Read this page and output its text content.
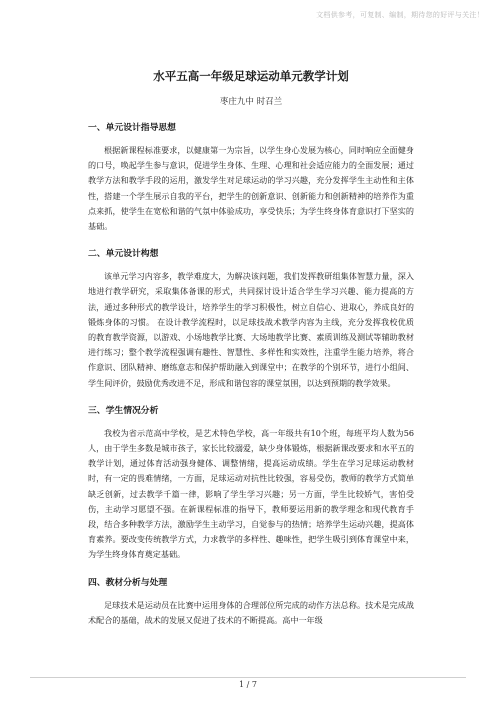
文档供参考，可复制、编制，期待您的好评与关注！
水平五高一年级足球运动单元教学计划
枣庄九中 时召兰
一、单元设计指导思想

根据新课程标准要求，以健康第一为宗旨，以学生身心发展为核心，同时响应全面健身的口号，唤起学生参与意识，促进学生身体、生理、心理和社会适应能力的全面发展；通过教学方法和教学手段的运用，激发学生对足球运动的学习兴趣，充分发挥学生主动性和主体性，搭建一个学生展示自我的平台，把学生的创新意识、创新能力和创新精神的培养作为重点来抓，使学生在宽松和谐的气氛中体验成功，享受快乐；为学生终身体育意识打下坚实的基础。

二、单元设计构想

该单元学习内容多，教学难度大，为解决该问题，我们发挥教研组集体智慧力量，深入地进行教学研究，采取集体备课的形式，共同探讨设计适合学生学习兴趣、能力提高的方法，通过多种形式的教学设计，培养学生的学习积极性，树立自信心、进取心，养成良好的锻炼身体的习惯。 在设计教学流程时，以足球技战术教学内容为主线，充分发挥我校优质的教育教学资源，以游戏、小场地教学比赛、大场地教学比赛、素质训练及测试等辅助教材进行练习；整个教学流程强调有趣性、智慧性、多样性和实效性，注重学生能力培养，将合作意识、团队精神、磨练意志和保护帮助融入到课堂中；在教学的个别环节，进行小组间、学生间评价，鼓励优秀改进不足，形成和谐包容的课堂氛围，以达到预期的教学效果。

三、学生情况分析

我校为省示范高中学校，是艺术特色学校，高一年级共有10个班，每班平均人数为56人，由于学生多数是城市孩子，家长比较溺爱，缺少身体锻炼，根据新课改要求和水平五的教学计划，通过体育活动强身健体、调整情绪，提高运动成绩。学生在学习足球运动教材时，有一定的畏难情绪，一方面，足球运动对抗性比较强，容易受伤，教师的教学方式简单缺乏创新，过去教学千篇一律，影响了学生学习兴趣；另一方面，学生比较娇气，害怕受伤，主动学习愿望不强。在新课程标准的指导下，教师要运用新的教学理念和现代教育手段，结合多种教学方法，激励学生主动学习，自觉参与的热情；培养学生运动兴趣，提高体育素养。要改变传统教学方式，力求教学的多样性、趣味性，把学生吸引到体育课堂中来，为学生终身体育奠定基础。

四、教材分析与处理

足球技术是运动员在比赛中运用身体的合理部位所完成的动作方法总称。技术是完成战术配合的基础，战术的发展又促进了技术的不断提高。高中一年级

1 / 7
